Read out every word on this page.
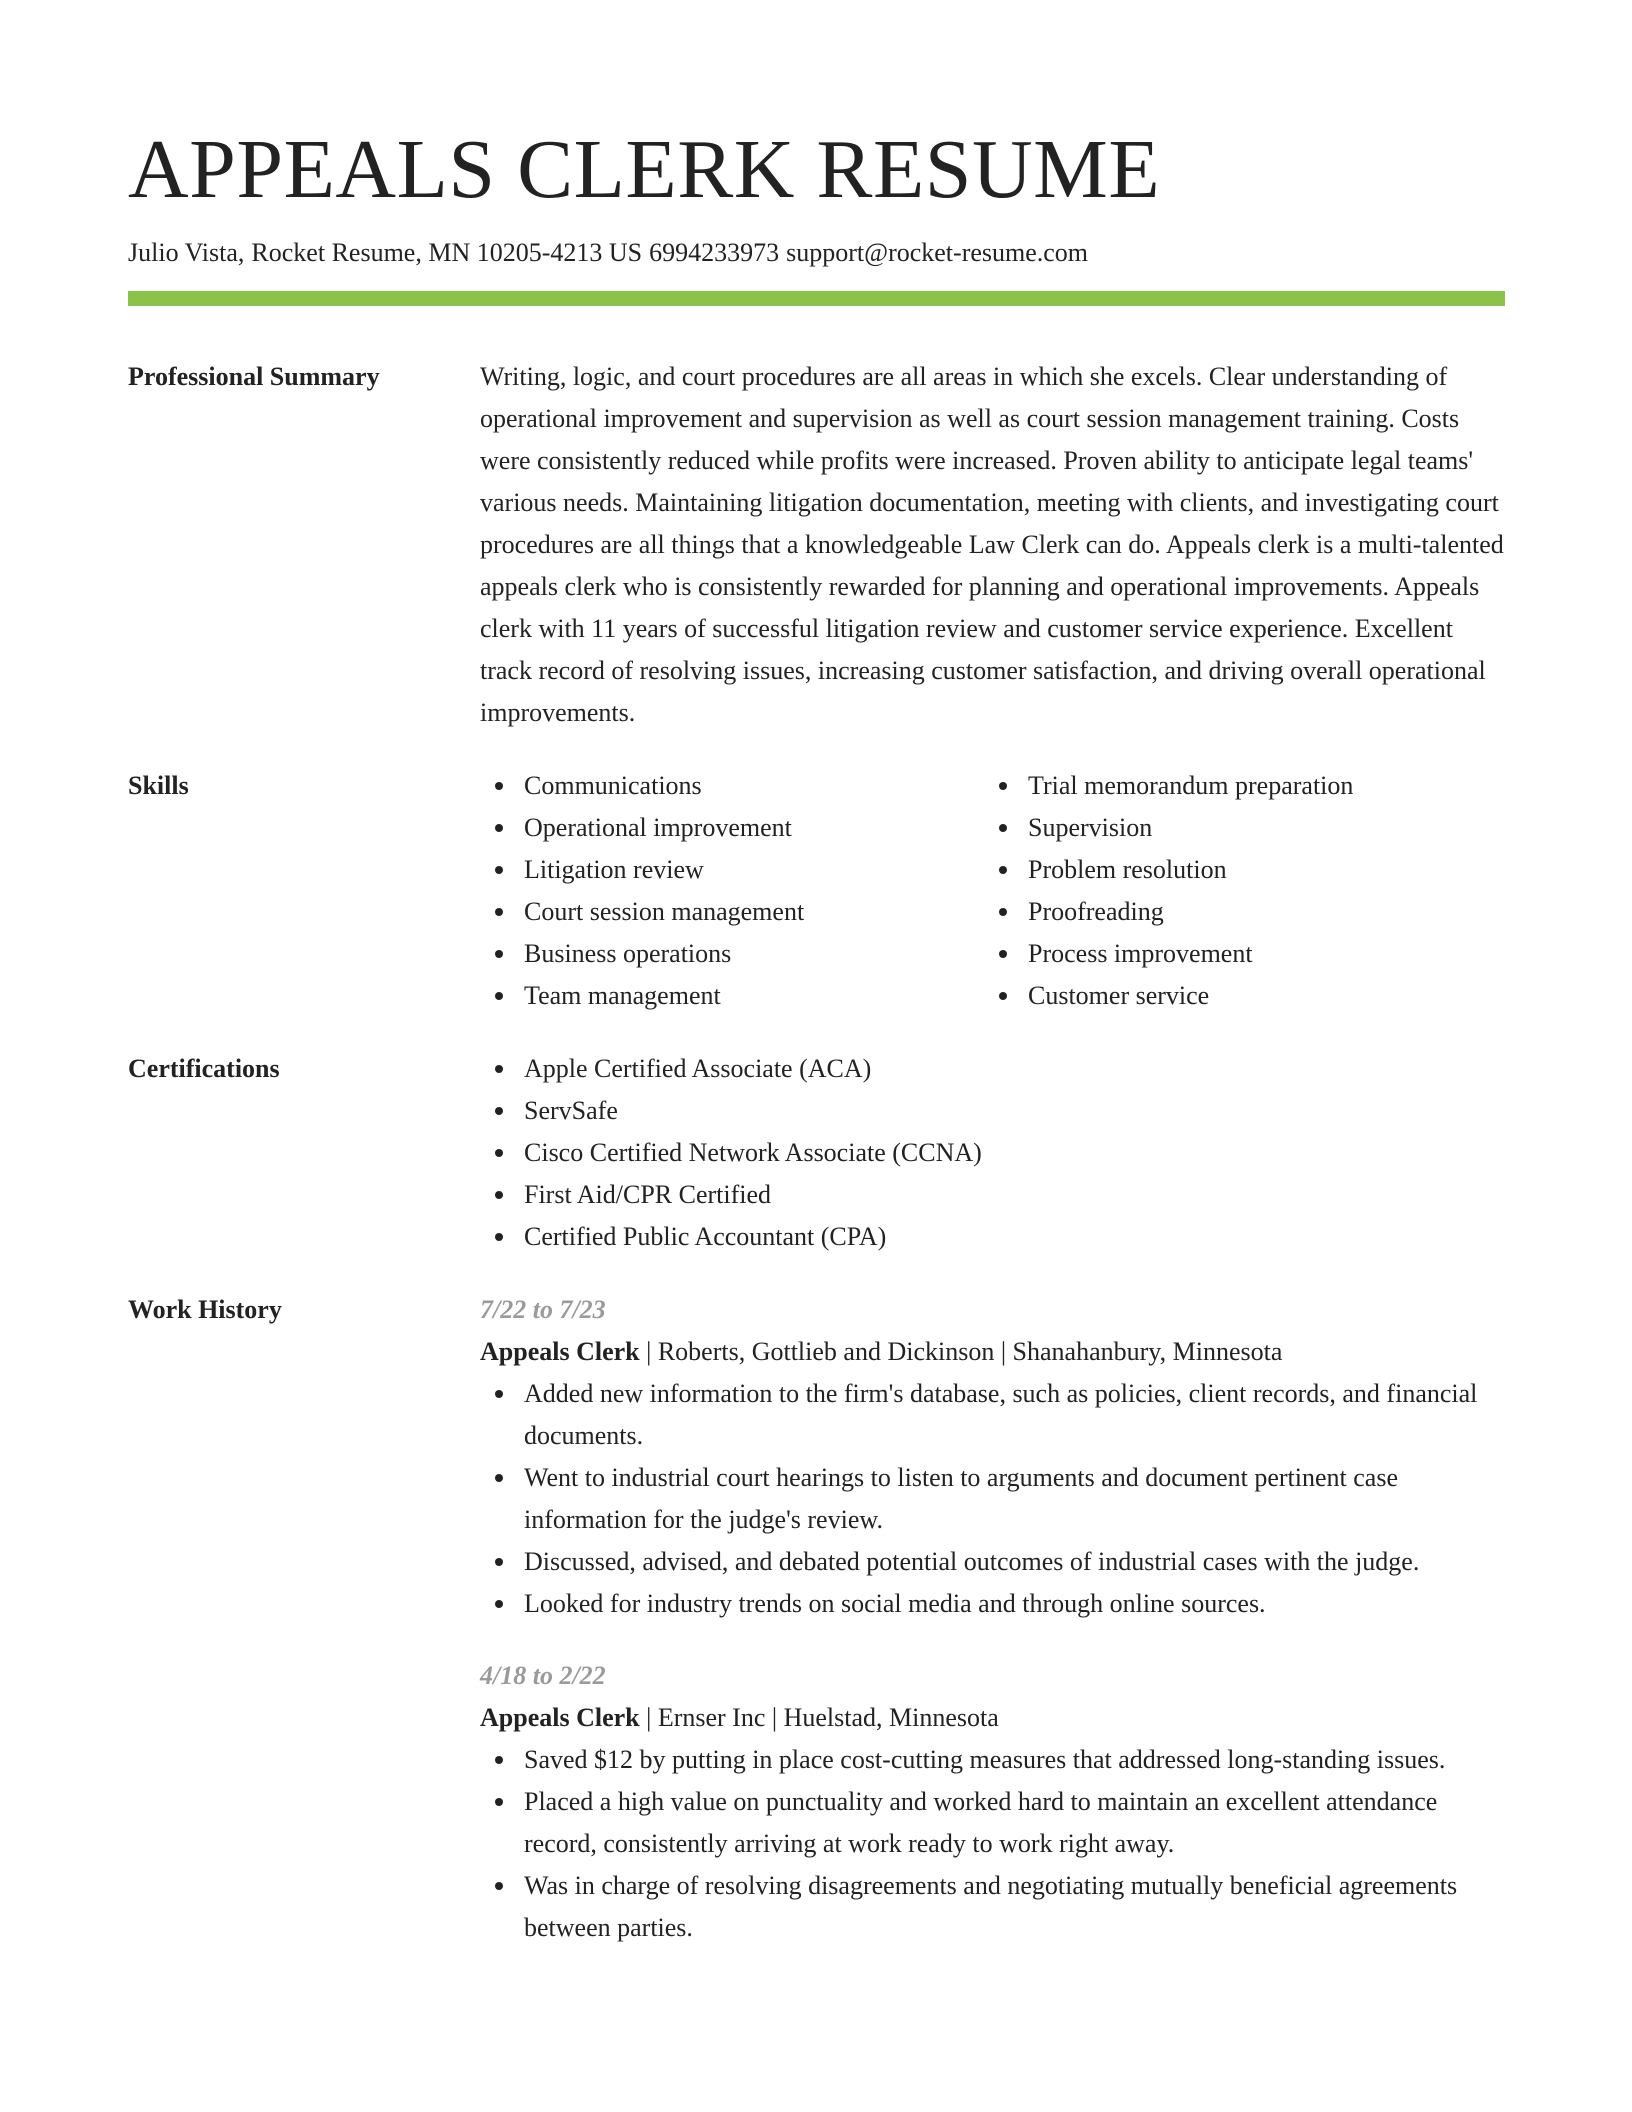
APPEALS CLERK RESUME
Julio Vista, Rocket Resume, MN 10205-4213 US 6994233973 support@rocket-resume.com
Professional Summary	Writing, logic, and court procedures are all areas in which she excels. Clear understanding of operational improvement and supervision as well as court session management training. Costs were consistently reduced while profits were increased. Proven ability to anticipate legal teams' various needs. Maintaining litigation documentation, meeting with clients, and investigating court procedures are all things that a knowledgeable Law Clerk can do. Appeals clerk is a multi-talented appeals clerk who is consistently rewarded for planning and operational improvements. Appeals clerk with 11 years of successful litigation review and customer service experience. Excellent track record of resolving issues, increasing customer satisfaction, and driving overall operational improvements.
Skills	Communications
Operational improvement
Litigation review
Court session management
Business operations
Team management
Trial memorandum preparation
Supervision
Problem resolution
Proofreading
Process improvement
Customer service
Certifications	Apple Certified Associate (ACA)
ServSafe
Cisco Certified Network Associate (CCNA)
First Aid/CPR Certified
Certified Public Accountant (CPA)
Work History	7/22 to 7/23
Appeals Clerk | Roberts, Gottlieb and Dickinson | Shanahanbury, Minnesota
Added new information to the firm's database, such as policies, client records, and financial documents.
Went to industrial court hearings to listen to arguments and document pertinent case information for the judge's review.
Discussed, advised, and debated potential outcomes of industrial cases with the judge.
Looked for industry trends on social media and through online sources.
4/18 to 2/22
Appeals Clerk | Ernser Inc | Huelstad, Minnesota
Saved $12 by putting in place cost-cutting measures that addressed long-standing issues.
Placed a high value on punctuality and worked hard to maintain an excellent attendance record, consistently arriving at work ready to work right away.
Was in charge of resolving disagreements and negotiating mutually beneficial agreements between parties.
